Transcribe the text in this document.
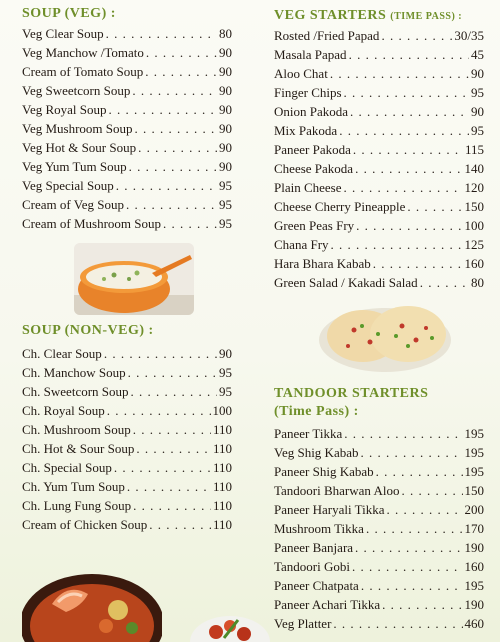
SOUP (VEG) :
Veg Clear Soup . . .	80
Veg Manchow /Tomato . . .	90
Cream of Tomato Soup . . .	90
Veg Sweetcorn Soup . . .	90
Veg Royal Soup . . .	90
Veg Mushroom Soup . . .	90
Veg Hot & Sour Soup . . .	90
Veg Yum Tum Soup . . .	90
Veg Special Soup . . .	95
Cream of Veg Soup . . .	95
Cream of Mushroom Soup . . .	95
SOUP (NON-VEG) :
Ch. Clear Soup . . .	90
Ch. Manchow Soup . . .	95
Ch. Sweetcorn Soup . . .	95
Ch. Royal Soup . . .	100
Ch. Mushroom Soup . . .	110
Ch. Hot & Sour Soup . . .	110
Ch. Special Soup . . .	110
Ch. Yum Tum Soup . . .	110
Ch. Lung Fung Soup . . .	110
Cream of Chicken Soup . . .	110
VEG STARTERS (TIME PASS) :
Rosted /Fried Papad . . .	30/35
Masala Papad . . .	45
Aloo Chat . . .	90
Finger Chips . . .	95
Onion Pakoda . . .	90
Mix Pakoda . . .	95
Paneer Pakoda . . .	115
Cheese Pakoda . . .	140
Plain Cheese . . .	120
Cheese Cherry Pineapple . . .	150
Green Peas Fry . . .	100
Chana Fry . . .	125
Hara Bhara Kabab . . .	160
Green Salad / Kakadi Salad . . .	80
TANDOOR STARTERS
(Time Pass) :
Paneer Tikka . . .	195
Veg Shig Kabab . . .	195
Paneer Shig Kabab . . .	195
Tandoori Bharwan Aloo . . .	150
Paneer Haryali Tikka . . .	200
Mushroom Tikka . . .	170
Paneer Banjara . . .	190
Tandoori Gobi . . .	160
Paneer Chatpata . . .	195
Paneer Achari Tikka . . .	190
Veg Platter . . .	460
